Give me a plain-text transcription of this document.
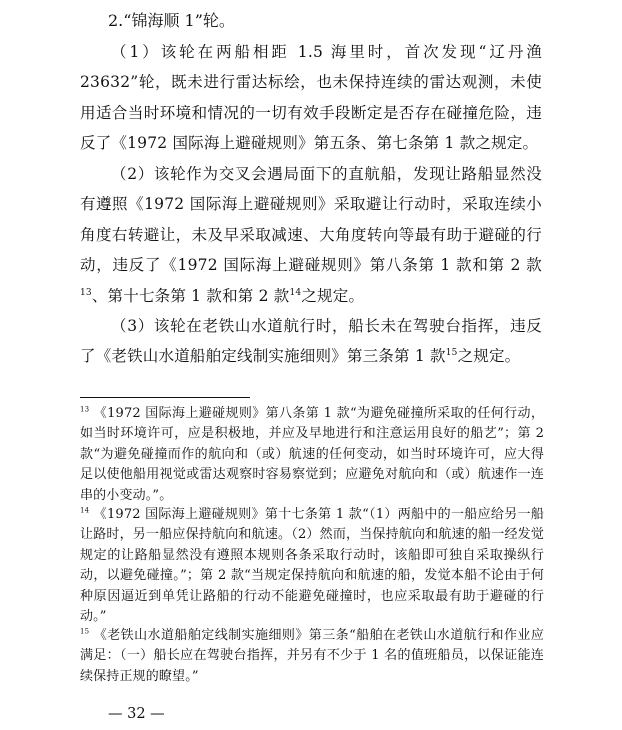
2.“锦海顺 1”轮。

（1）该轮在两船相距 1.5 海里时，首次发现“辽丹渔 23632”轮，既未进行雷达标绘，也未保持连续的雷达观测，未使用适合当时环境和情况的一切有效手段断定是否存在碰撞危险，违反了《1972 国际海上避碰规则》第五条、第七条第 1 款之规定。

（2）该轮作为交叉会遇局面下的直航船，发现让路船显然没有遵照《1972 国际海上避碰规则》采取避让行动时，采取连续小角度右转避让，未及早采取减速、大角度转向等最有助于避碰的行动，违反了《1972 国际海上避碰规则》第八条第 1 款和第 2 款$^{13}$、第十七条第 1 款和第 2 款$^{14}$之规定。

（3）该轮在老铁山水道航行时，船长未在驾驶台指挥，违反了《老铁山水道船舶定线制实施细则》第三条第 1 款$^{15}$之规定。

$^{13}$ 《1972 国际海上避碰规则》第八条第 1 款“为避免碰撞所采取的任何行动，如当时环境许可，应是积极地，并应及早地进行和注意运用良好的船艺”；第 2 款“为避免碰撞而作的航向和（或）航速的任何变动，如当时环境许可，应大得足以使他船用视觉或雷达观察时容易察觉到；应避免对航向和（或）航速作一连串的小变动。”。

$^{14}$ 《1972 国际海上避碰规则》第十七条第 1 款“（1）两船中的一船应给另一船让路时，另一船应保持航向和航速。（2）然而，当保持航向和航速的船一经发觉规定的让路船显然没有遵照本规则各条采取行动时，该船即可独自采取操纵行动，以避免碰撞。”；第 2 款“当规定保持航向和航速的船，发觉本船不论由于何种原因逼近到单凭让路船的行动不能避免碰撞时，也应采取最有助于避碰的行动。”

$^{15}$ 《老铁山水道船舶定线制实施细则》第三条“船舶在老铁山水道航行和作业应满足：（一）船长应在驾驶台指挥，并另有不少于 1 名的值班船员，以保证能连续保持正规的瞭望。”

— 32 —
